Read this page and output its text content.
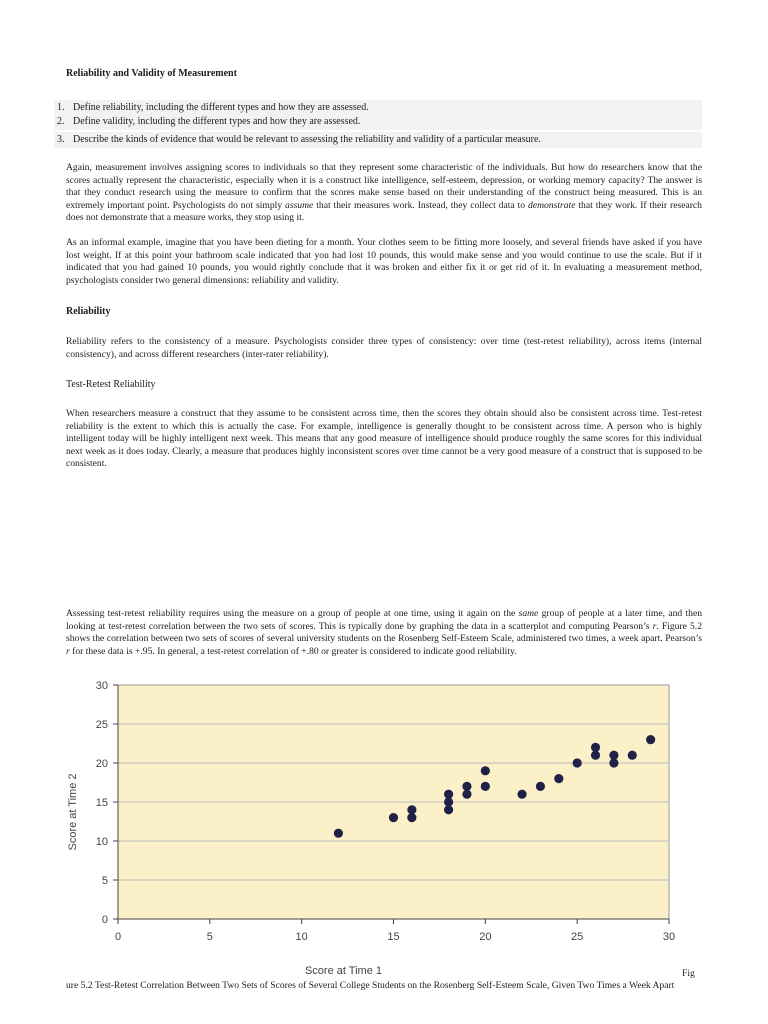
Reliability and Validity of Measurement
1. Define reliability, including the different types and how they are assessed.
2. Define validity, including the different types and how they are assessed.
3. Describe the kinds of evidence that would be relevant to assessing the reliability and validity of a particular measure.

Again, measurement involves assigning scores to individuals so that they represent some characteristic of the individuals. But how do researchers know that the scores actually represent the characteristic, especially when it is a construct like intelligence, self-esteem, depression, or working memory capacity? The answer is that they conduct research using the measure to confirm that the scores make sense based on their understanding of the construct being measured. This is an extremely important point. Psychologists do not simply assume that their measures work. Instead, they collect data to demonstrate that they work. If their research does not demonstrate that a measure works, they stop using it.

As an informal example, imagine that you have been dieting for a month. Your clothes seem to be fitting more loosely, and several friends have asked if you have lost weight. If at this point your bathroom scale indicated that you had lost 10 pounds, this would make sense and you would continue to use the scale. But if it indicated that you had gained 10 pounds, you would rightly conclude that it was broken and either fix it or get rid of it. In evaluating a measurement method, psychologists consider two general dimensions: reliability and validity.

Reliability

Reliability refers to the consistency of a measure. Psychologists consider three types of consistency: over time (test-retest reliability), across items (internal consistency), and across different researchers (inter-rater reliability).

Test-Retest Reliability

When researchers measure a construct that they assume to be consistent across time, then the scores they obtain should also be consistent across time. Test-retest reliability is the extent to which this is actually the case. For example, intelligence is generally thought to be consistent across time. A person who is highly intelligent today will be highly intelligent next week. This means that any good measure of intelligence should produce roughly the same scores for this individual next week as it does today. Clearly, a measure that produces highly inconsistent scores over time cannot be a very good measure of a construct that is supposed to be consistent.

Assessing test-retest reliability requires using the measure on a group of people at one time, using it again on the same group of people at a later time, and then looking at test-retest correlation between the two sets of scores. This is typically done by graphing the data in a scatterplot and computing Pearson’s r. Figure 5.2 shows the correlation between two sets of scores of several university students on the Rosenberg Self-Esteem Scale, administered two times, a week apart. Pearson’s r for these data is +.95. In general, a test-retest correlation of +.80 or greater is considered to indicate good reliability.

0
5
10
15
20
25
30
0	5	10	15	20	25	30
Score at Time 1
Score at Time 2
Fig

ure 5.2 Test-Retest Correlation Between Two Sets of Scores of Several College Students on the Rosenberg Self-Esteem Scale, Given Two Times a Week Apart
